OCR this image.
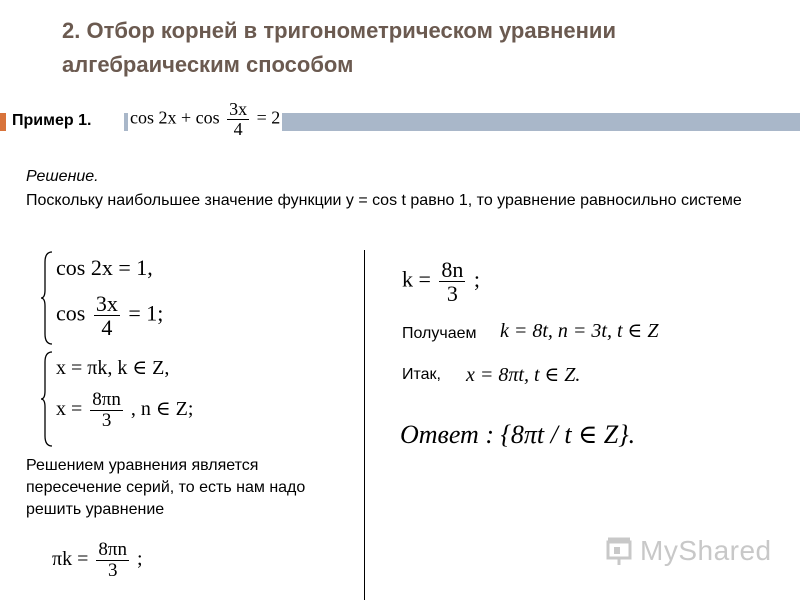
2. Отбор корней в тригонометрическом уравнении
алгебраическим способом
Пример 1. $\cos 2x + \cos \frac{3x}{4} = 2$
Решение.
Поскольку наибольшее значение функции y = cos t равно 1, то уравнение равносильно системе
cos 2x = 1,
$\cos \frac{3x}{4} = 1$;
x = πk, k ∈ Z,
$x = \frac{8\pi n}{3}$ , n ∈ Z;
Решением уравнения является пересечение серий, то есть нам надо решить уравнение
$\pi k = \frac{8\pi n}{3}$ ;
$k = \frac{8n}{3}$ ;
Получаем k = 8t, n = 3t, t ∈ Z
Итак, x = 8πt, t ∈ Z.
Ответ : {8πt / t ∈ Z}.
MyShared
